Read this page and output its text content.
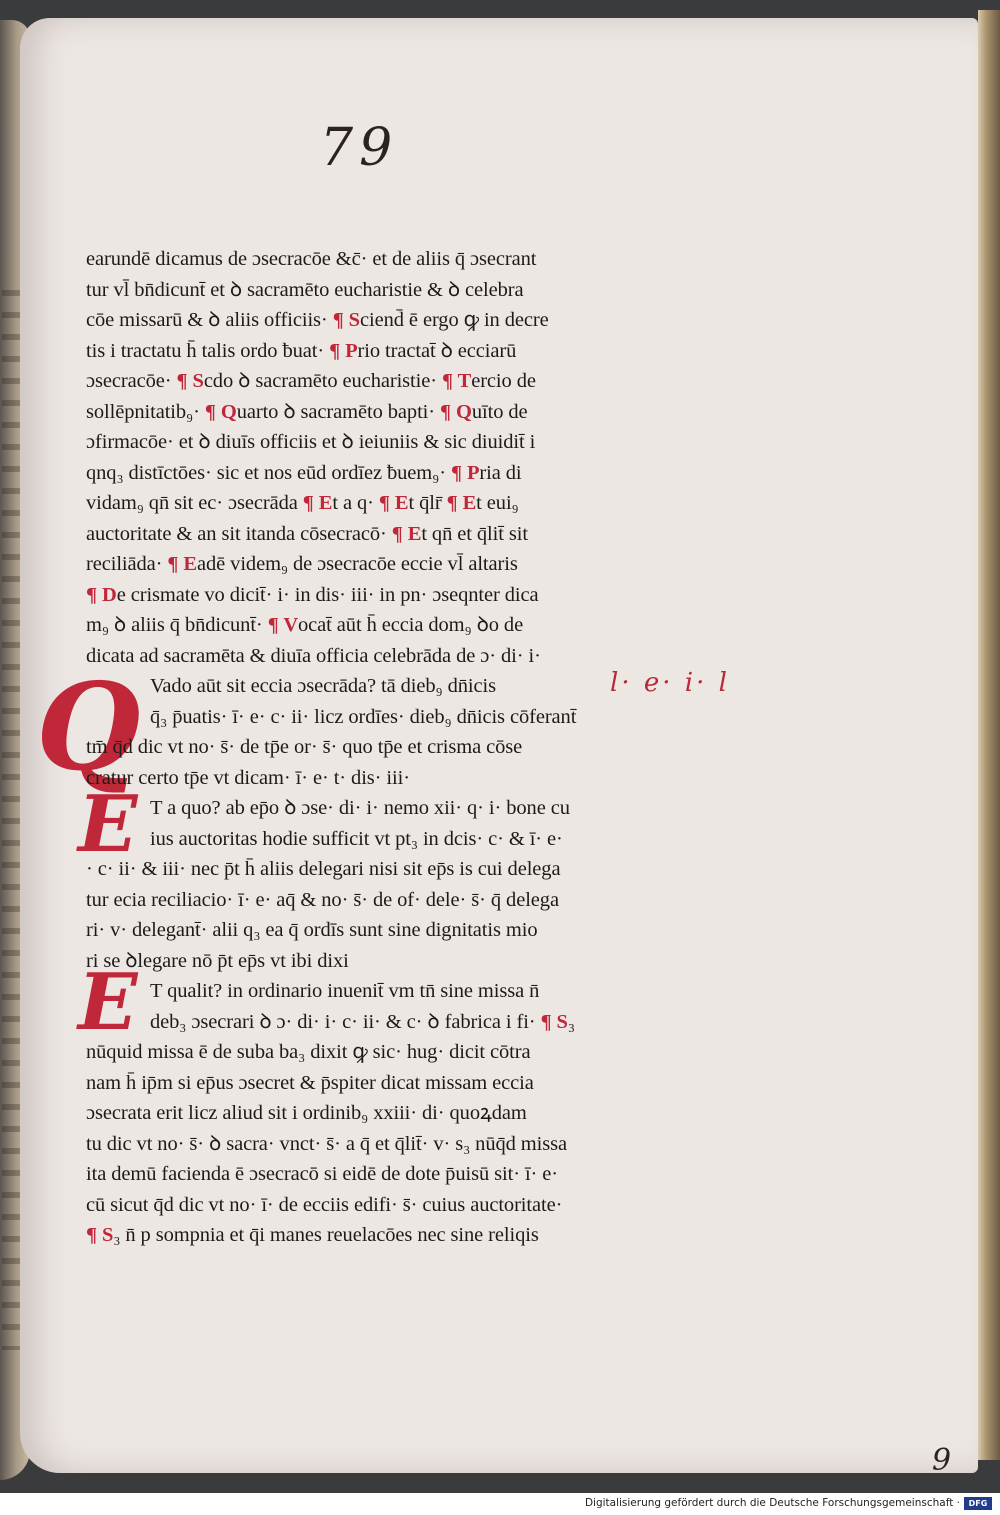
79
Q
E
E
l· e· i· l
earundē dicamus de ɔsecracōe &c̄· et de aliis q̄ ɔsecrant
tur vl̄ bn̄dicunt̄ et ꝺ sacramēto eucharistie & ꝺ celebra
cōe missarū & ꝺ aliis officiis· ¶ Sciend̄ ē ergo ꝙ in decre
tis i tractatu h̄ talis ordo ƀuat· ¶ Prio tractat̄ ꝺ ecciarū
ɔsecracōe· ¶ Scdo ꝺ sacramēto eucharistie· ¶ Tercio de
sollēpnitatib₉· ¶ Quarto ꝺ sacramēto bapti· ¶ Quīto de
ɔfirmacōe· et ꝺ diuīs officiis et ꝺ ieiuniis & sic diuidit̄ i
qnq₃ distīctōes· sic et nos eūd ordīez ƀuem₉· ¶ Pria di
vidam₉ qn̄ sit ec· ɔsecrāda ¶ Et a q· ¶ Et q̄lr̄ ¶ Et eui₉
auctoritate & an sit itanda cōsecracō· ¶ Et qn̄ et q̄lit̄ sit
reciliāda· ¶ Eadē videm₉ de ɔsecracōe eccie vl̄ altaris
¶ De crismate vo dicit̄· i· in dis· iii· in pn· ɔseqnter dica
m₉ ꝺ aliis q̄ bn̄dicunt̄· ¶ Vocat̄ aūt h̄ eccia dom₉ ꝺo de
dicata ad sacramēta & diuīa officia celebrāda de ɔ· di· i·
Vado aūt sit eccia ɔsecrāda? tā dieb₉ dn̄icis
q̄₃ p̄uatis· ī· e· c· ii· licz ordīes· dieb₉ dn̄icis cōferant̄
tm̄ q̄d dic vt no· s̄· de tp̄e or· s̄· quo tp̄e et crisma cōse
cratur certo tp̄e vt dicam· ī· e· t· dis· iii·
T a quo? ab ep̄o ꝺ ɔse· di· i· nemo xii· q· i· bone cu
ius auctoritas hodie sufficit vt pt₃ in dcis· c· & ī· e·
· c· ii· & iii· nec p̄t h̄ aliis delegari nisi sit ep̄s is cui delega
tur ecia reciliacio· ī· e· aq̄ & no· s̄· de of· dele· s̄· q̄ delega
ri· v· delegant̄· alii q₃ ea q̄ ordīs sunt sine dignitatis mio
ri se ꝺlegare nō p̄t ep̄s vt ibi dixi
T qualit? in ordinario inuenit̄ vm tn̄ sine missa n̄
deb₃ ɔsecrari ꝺ ɔ· di· i· c· ii· & c· ꝺ fabrica i fi· ¶ S₃
nūquid missa ē de suba ba₃ dixit ꝙ sic· hug· dicit cōtra
nam h̄ ip̄m si ep̄us ɔsecret & p̄spiter dicat missam eccia
ɔsecrata erit licz aliud sit i ordinib₉ xxiii· di· quoꝝdam
tu dic vt no· s̄· ꝺ sacra· vnct· s̄· a q̄ et q̄lit̄· v· s₃ nūq̄d missa
ita demū facienda ē ɔsecracō si eidē de dote p̄uisū sit· ī· e·
cū sicut q̄d dic vt no· ī· de ecciis edifi· s̄· cuius auctoritate·
¶ S₃ n̄ p sompnia et q̄i manes reuelacōes nec sine reliqis
9
Digitalisierung gefördert durch die Deutsche Forschungsgemeinschaft ·	DFG
